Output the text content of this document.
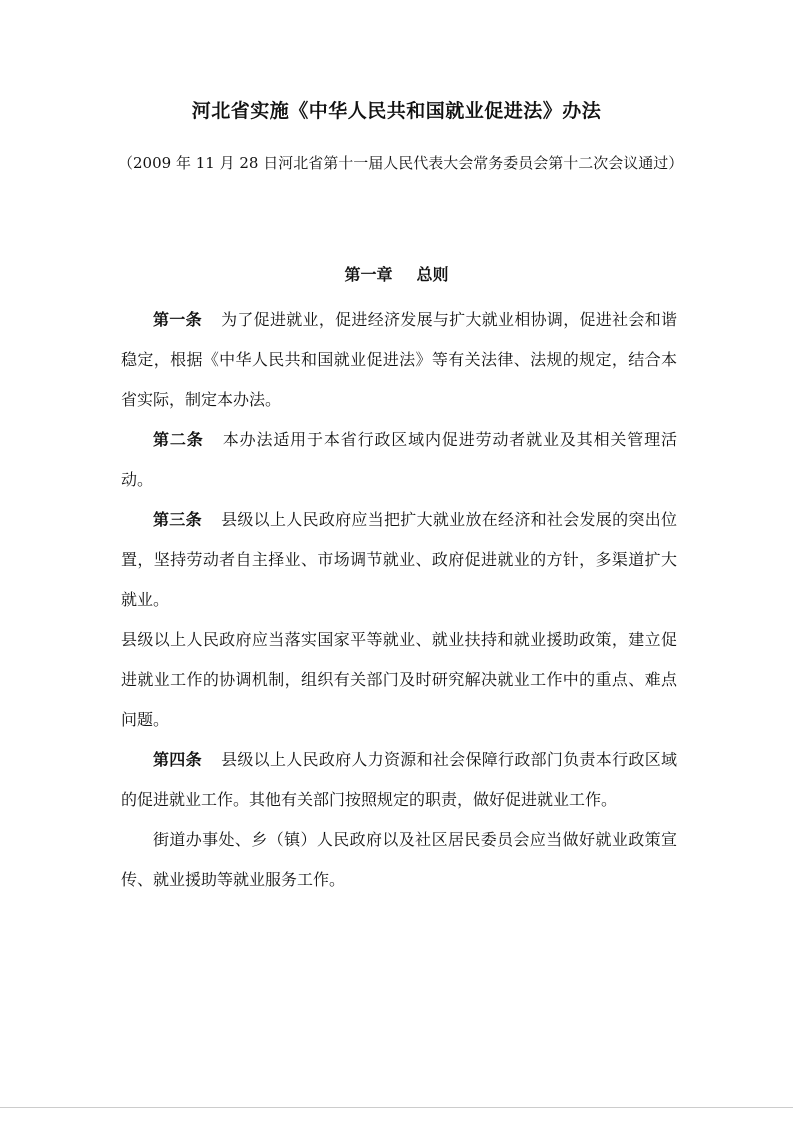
河北省实施《中华人民共和国就业促进法》办法
（2009 年 11 月 28 日河北省第十一届人民代表大会常务委员会第十二次会议通过）
第一章 总则

第一条 为了促进就业，促进经济发展与扩大就业相协调，促进社会和谐稳定，根据《中华人民共和国就业促进法》等有关法律、法规的规定，结合本省实际，制定本办法。

第二条 本办法适用于本省行政区域内促进劳动者就业及其相关管理活动。

第三条 县级以上人民政府应当把扩大就业放在经济和社会发展的突出位置，坚持劳动者自主择业、市场调节就业、政府促进就业的方针，多渠道扩大就业。

县级以上人民政府应当落实国家平等就业、就业扶持和就业援助政策，建立促进就业工作的协调机制，组织有关部门及时研究解决就业工作中的重点、难点问题。

第四条 县级以上人民政府人力资源和社会保障行政部门负责本行政区域的促进就业工作。其他有关部门按照规定的职责，做好促进就业工作。

街道办事处、乡（镇）人民政府以及社区居民委员会应当做好就业政策宣传、就业援助等就业服务工作。
